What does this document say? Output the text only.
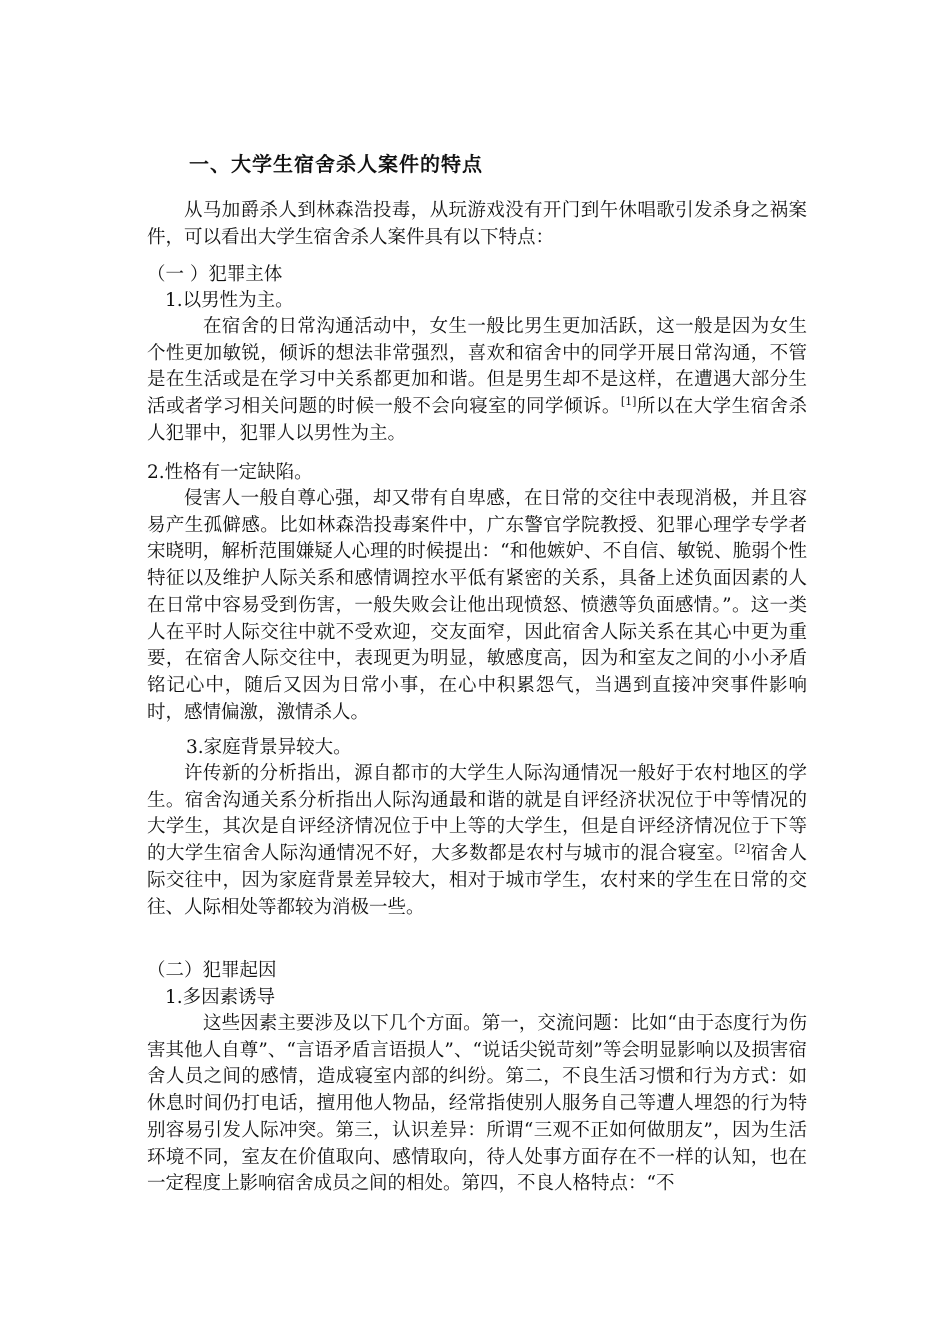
一、大学生宿舍杀人案件的特点
从马加爵杀人到林森浩投毒，从玩游戏没有开门到午休唱歌引发杀身之祸案件，可以看出大学生宿舍杀人案件具有以下特点：
（一 ）犯罪主体
1.以男性为主。
在宿舍的日常沟通活动中，女生一般比男生更加活跃，这一般是因为女生个性更加敏锐，倾诉的想法非常强烈，喜欢和宿舍中的同学开展日常沟通，不管是在生活或是在学习中关系都更加和谐。但是男生却不是这样，在遭遇大部分生活或者学习相关问题的时候一般不会向寝室的同学倾诉。[1]所以在大学生宿舍杀人犯罪中，犯罪人以男性为主。
2.性格有一定缺陷。
侵害人一般自尊心强，却又带有自卑感，在日常的交往中表现消极，并且容易产生孤僻感。比如林森浩投毒案件中，广东警官学院教授、犯罪心理学专学者宋晓明，解析范围嫌疑人心理的时候提出：“和他嫉妒、不自信、敏锐、脆弱个性特征以及维护人际关系和感情调控水平低有紧密的关系，具备上述负面因素的人在日常中容易受到伤害，一般失败会让他出现愤怒、愤懑等负面感情。”。这一类人在平时人际交往中就不受欢迎，交友面窄，因此宿舍人际关系在其心中更为重要，在宿舍人际交往中，表现更为明显，敏感度高，因为和室友之间的小小矛盾铭记心中，随后又因为日常小事，在心中积累怨气，当遇到直接冲突事件影响时，感情偏激，激情杀人。
3.家庭背景异较大。
许传新的分析指出，源自都市的大学生人际沟通情况一般好于农村地区的学生。宿舍沟通关系分析指出人际沟通最和谐的就是自评经济状况位于中等情况的大学生，其次是自评经济情况位于中上等的大学生，但是自评经济情况位于下等的大学生宿舍人际沟通情况不好，大多数都是农村与城市的混合寝室。[2]宿舍人际交往中，因为家庭背景差异较大，相对于城市学生，农村来的学生在日常的交往、人际相处等都较为消极一些。
（二）犯罪起因
1.多因素诱导
这些因素主要涉及以下几个方面。第一，交流问题：比如“由于态度行为伤害其他人自尊”、“言语矛盾言语损人”、“说话尖锐苛刻”等会明显影响以及损害宿舍人员之间的感情，造成寝室内部的纠纷。第二，不良生活习惯和行为方式：如休息时间仍打电话，擅用他人物品，经常指使别人服务自己等遭人埋怨的行为特别容易引发人际冲突。第三，认识差异：所谓“三观不正如何做朋友”，因为生活环境不同，室友在价值取向、感情取向，待人处事方面存在不一样的认知，也在一定程度上影响宿舍成员之间的相处。第四，不良人格特点：“不
